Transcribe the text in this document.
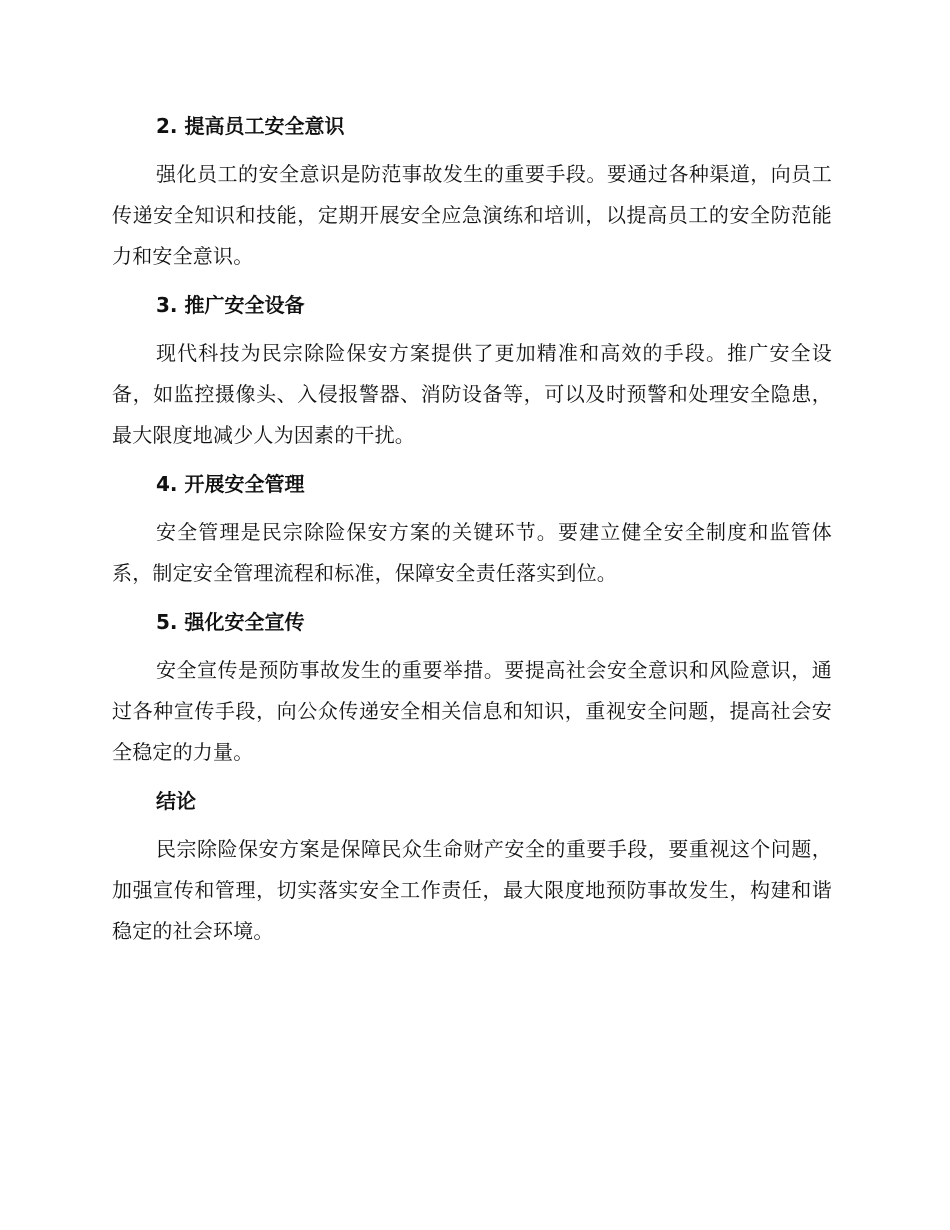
2. 提高员工安全意识

强化员工的安全意识是防范事故发生的重要手段。要通过各种渠道，向员工传递安全知识和技能，定期开展安全应急演练和培训，以提高员工的安全防范能力和安全意识。

3. 推广安全设备

现代科技为民宗除险保安方案提供了更加精准和高效的手段。推广安全设备，如监控摄像头、入侵报警器、消防设备等，可以及时预警和处理安全隐患，最大限度地减少人为因素的干扰。

4. 开展安全管理

安全管理是民宗除险保安方案的关键环节。要建立健全安全制度和监管体系，制定安全管理流程和标准，保障安全责任落实到位。

5. 强化安全宣传

安全宣传是预防事故发生的重要举措。要提高社会安全意识和风险意识，通过各种宣传手段，向公众传递安全相关信息和知识，重视安全问题，提高社会安全稳定的力量。

结论

民宗除险保安方案是保障民众生命财产安全的重要手段，要重视这个问题，加强宣传和管理，切实落实安全工作责任，最大限度地预防事故发生，构建和谐稳定的社会环境。
